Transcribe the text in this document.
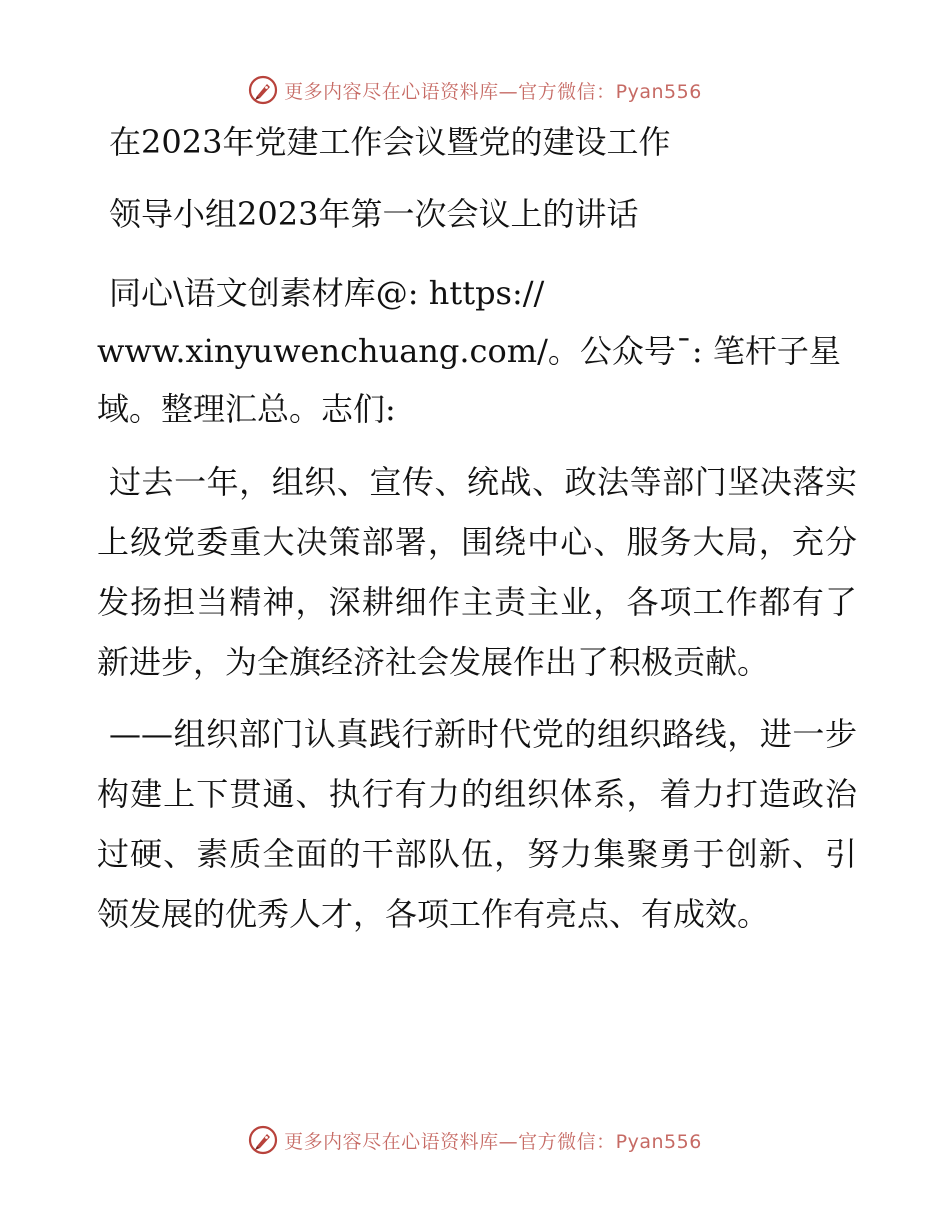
更多内容尽在心语资料库—官方微信：Pyan556
在2023年党建工作会议暨党的建设工作
领导小组2023年第一次会议上的讲话

同心\语文创素材库@: https://
www.xinyuwenchuang.com/。公众号¯: 笔杆子星
域。整理汇总。志们:

过去一年，组织、宣传、统战、政法等部门坚决落实上级党委重大决策部署，围绕中心、服务大局，充分发扬担当精神，深耕细作主责主业，各项工作都有了新进步，为全旗经济社会发展作出了积极贡献。

——组织部门认真践行新时代党的组织路线，进一步构建上下贯通、执行有力的组织体系，着力打造政治过硬、素质全面的干部队伍，努力集聚勇于创新、引领发展的优秀人才，各项工作有亮点、有成效。

更多内容尽在心语资料库—官方微信：Pyan556
